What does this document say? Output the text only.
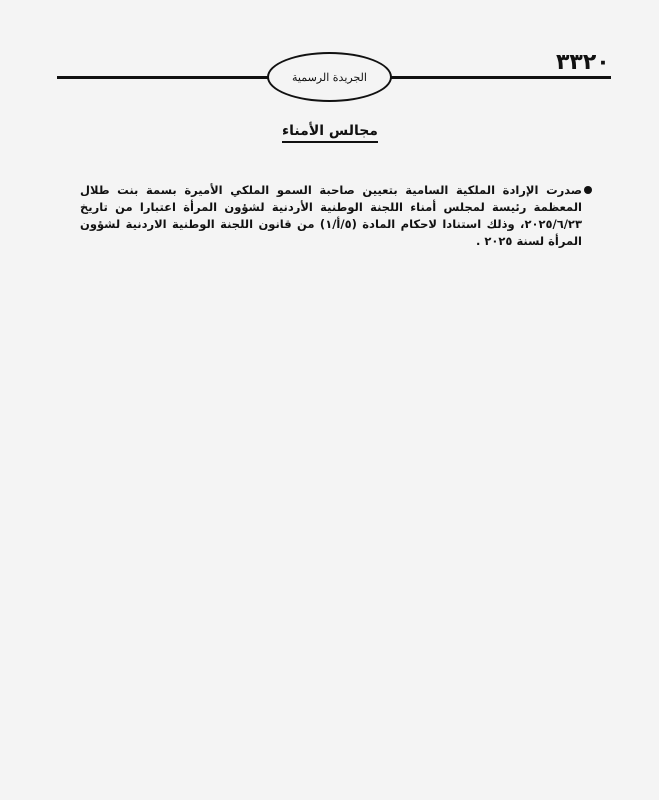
٣٣٢٠
الجريدة الرسمية
مجالس الأمناء
صدرت الإرادة الملكية السامية بتعيين صاحبة السمو الملكي الأميرة بسمة بنت طلال المعظمة رئيسة لمجلس أمناء اللجنة الوطنية الأردنية لشؤون المرأة اعتبارا من تاريخ ٢٠٢٥/٦/٢٣، وذلك استنادا لاحكام المادة (٥/أ/١) من قانون اللجنة الوطنية الاردنية لشؤون المرأة لسنة ٢٠٢٥ .
